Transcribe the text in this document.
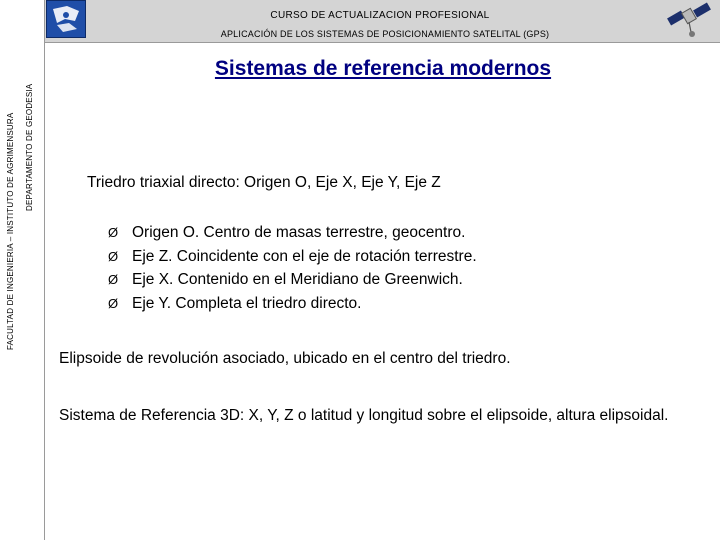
CURSO DE ACTUALIZACION PROFESIONAL
APLICACIÓN DE LOS SISTEMAS DE POSICIONAMIENTO SATELITAL (GPS)
FACULTAD DE INGENIERIA – INSTITUTO DE AGRIMENSURA DEPARTAMENTO DE GEODESIA
Sistemas de referencia modernos
Triedro triaxial directo: Origen O, Eje X, Eje Y, Eje Z
Ø Origen O. Centro de masas terrestre, geocentro.
Ø Eje Z. Coincidente con el eje de rotación terrestre.
Ø Eje X. Contenido en el Meridiano de Greenwich.
Ø Eje Y. Completa el triedro directo.
Elipsoide de revolución asociado, ubicado en el centro del triedro.
Sistema de Referencia 3D: X, Y, Z o latitud y longitud sobre el elipsoide, altura elipsoidal.
